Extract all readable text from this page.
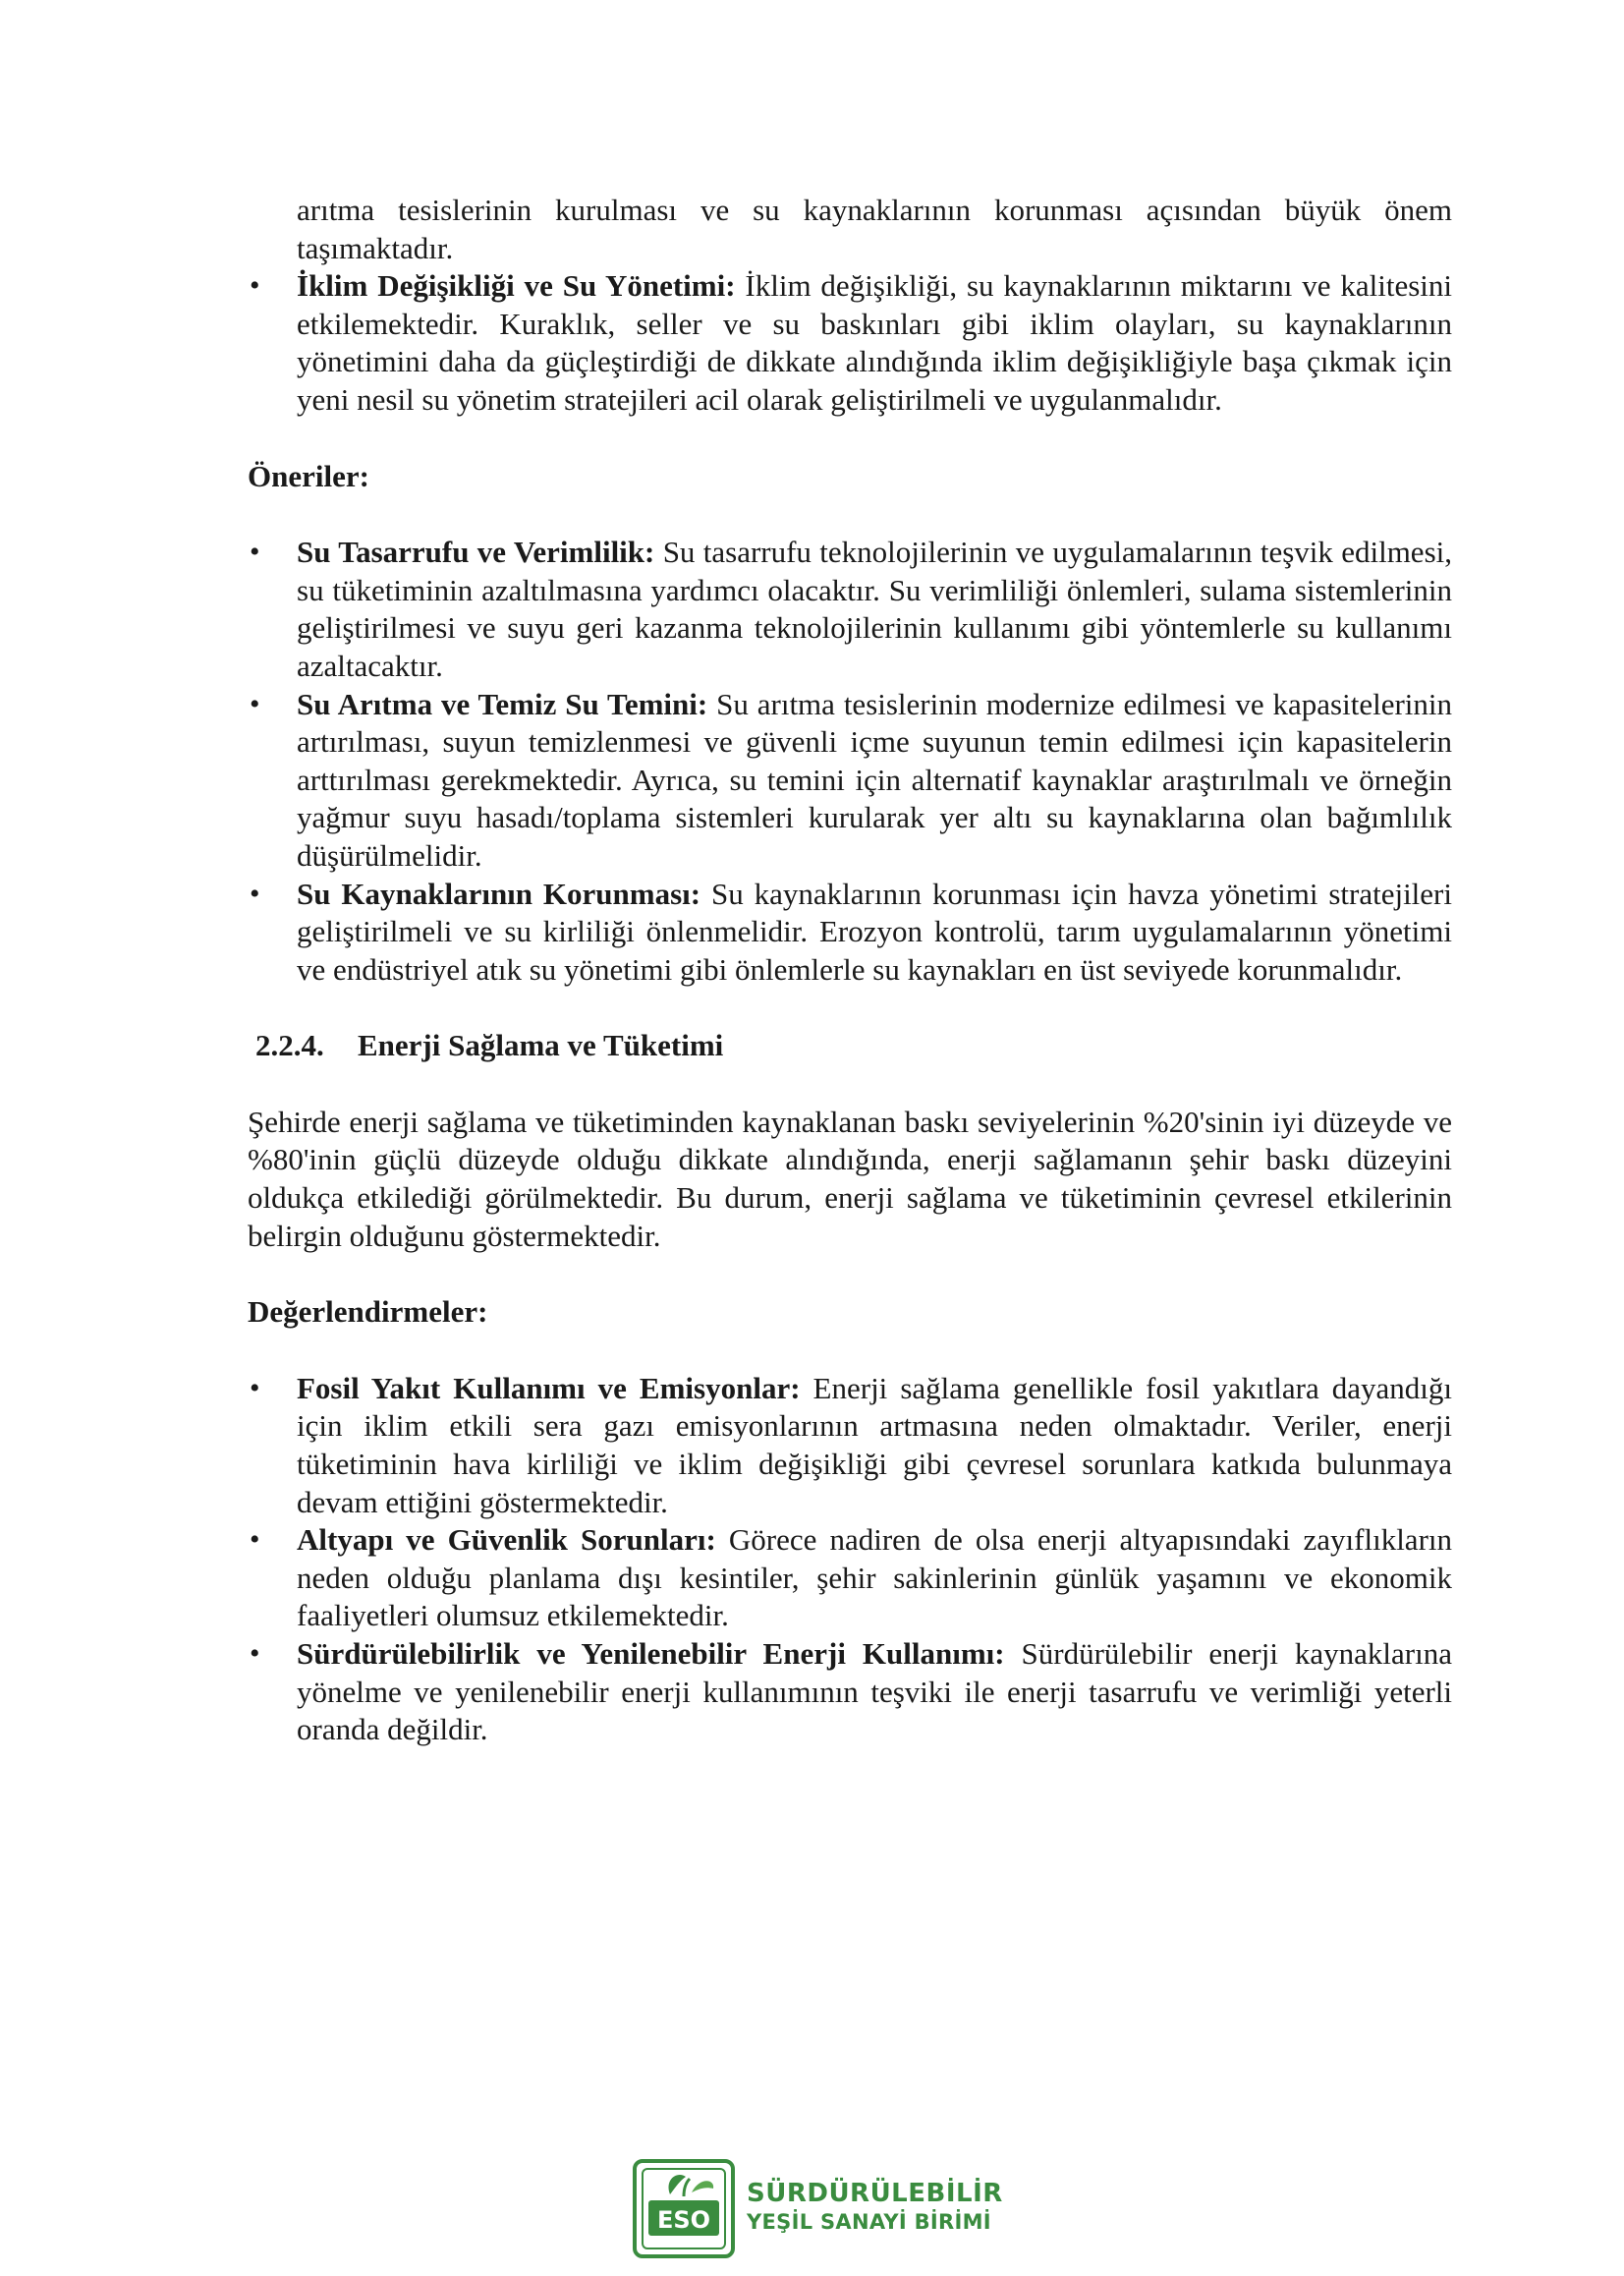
arıtma tesislerinin kurulması ve su kaynaklarının korunması açısından büyük önem taşımaktadır.

• İklim Değişikliği ve Su Yönetimi: İklim değişikliği, su kaynaklarının miktarını ve kalitesini etkilemektedir. Kuraklık, seller ve su baskınları gibi iklim olayları, su kaynaklarının yönetimini daha da güçleştirdiği de dikkate alındığında iklim değişikliğiyle başa çıkmak için yeni nesil su yönetim stratejileri acil olarak geliştirilmeli ve uygulanmalıdır.

Öneriler:

• Su Tasarrufu ve Verimlilik: Su tasarrufu teknolojilerinin ve uygulamalarının teşvik edilmesi, su tüketiminin azaltılmasına yardımcı olacaktır. Su verimliliği önlemleri, sulama sistemlerinin geliştirilmesi ve suyu geri kazanma teknolojilerinin kullanımı gibi yöntemlerle su kullanımı azaltacaktır.
• Su Arıtma ve Temiz Su Temini: Su arıtma tesislerinin modernize edilmesi ve kapasitelerinin artırılması, suyun temizlenmesi ve güvenli içme suyunun temin edilmesi için kapasitelerin arttırılması gerekmektedir. Ayrıca, su temini için alternatif kaynaklar araştırılmalı ve örneğin yağmur suyu hasadı/toplama sistemleri kurularak yer altı su kaynaklarına olan bağımlılık düşürülmelidir.
• Su Kaynaklarının Korunması: Su kaynaklarının korunması için havza yönetimi stratejileri geliştirilmeli ve su kirliliği önlenmelidir. Erozyon kontrolü, tarım uygulamalarının yönetimi ve endüstriyel atık su yönetimi gibi önlemlerle su kaynakları en üst seviyede korunmalıdır.

2.2.4. Enerji Sağlama ve Tüketimi

Şehirde enerji sağlama ve tüketiminden kaynaklanan baskı seviyelerinin %20'sinin iyi düzeyde ve %80'inin güçlü düzeyde olduğu dikkate alındığında, enerji sağlamanın şehir baskı düzeyini oldukça etkilediği görülmektedir. Bu durum, enerji sağlama ve tüketiminin çevresel etkilerinin belirgin olduğunu göstermektedir.

Değerlendirmeler:

• Fosil Yakıt Kullanımı ve Emisyonlar: Enerji sağlama genellikle fosil yakıtlara dayandığı için iklim etkili sera gazı emisyonlarının artmasına neden olmaktadır. Veriler, enerji tüketiminin hava kirliliği ve iklim değişikliği gibi çevresel sorunlara katkıda bulunmaya devam ettiğini göstermektedir.
• Altyapı ve Güvenlik Sorunları: Görece nadiren de olsa enerji altyapısındaki zayıflıkların neden olduğu planlama dışı kesintiler, şehir sakinlerinin günlük yaşamını ve ekonomik faaliyetleri olumsuz etkilemektedir.
• Sürdürülebilirlik ve Yenilenebilir Enerji Kullanımı: Sürdürülebilir enerji kaynaklarına yönelme ve yenilenebilir enerji kullanımının teşviki ile enerji tasarrufu ve verimliği yeterli oranda değildir.
ESO
SÜRDÜRÜLEBİLİR
YEŞİL SANAYİ BİRİMİ
